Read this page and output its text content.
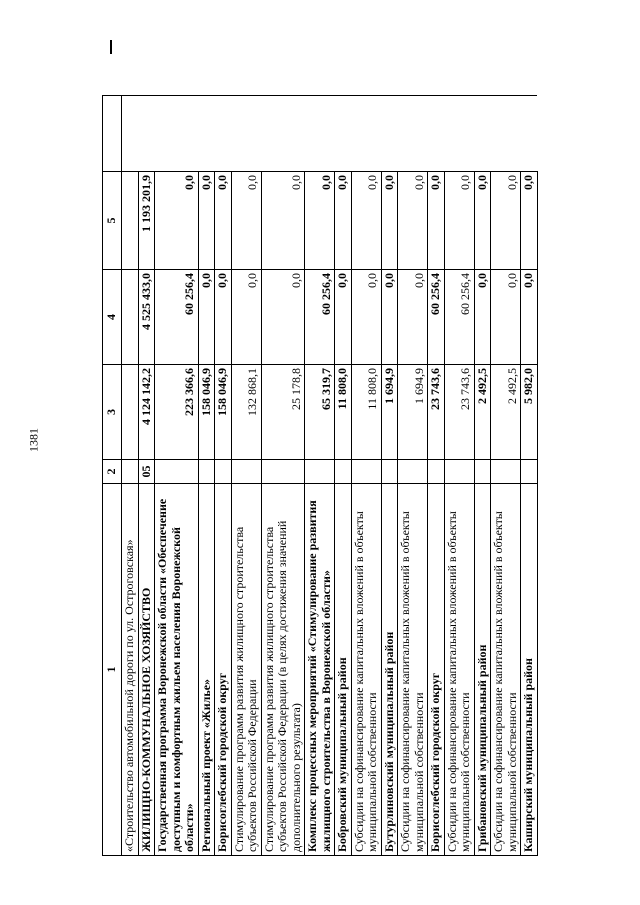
1381
1	2	3	4	5	
«Строительство автомобильной дороги по ул. Остроговская»					
ЖИЛИЩНО-КОММУНАЛЬНОЕ ХОЗЯЙСТВО	05	4 124 142,2	4 525 433,0	1 193 201,9	
Государственная программа Воронежской области «Обеспечение доступным и комфортным жильем населения Воронежской области»		223 366,6	60 256,4	0,0	
Региональный проект «Жилье»		158 046,9	0,0	0,0	
Борисоглебский городской округ		158 046,9	0,0	0,0	
Стимулирование программ развития жилищного строительства субъектов Российской Федерации		132 868,1	0,0	0,0	
Стимулирование программ развития жилищного строительства субъектов Российской Федерации (в целях достижения значений дополнительного результата)		25 178,8	0,0	0,0	
Комплекс процессных мероприятий «Стимулирование развития жилищного строительства в Воронежской области»		65 319,7	60 256,4	0,0	
Бобровский муниципальный район		11 808,0	0,0	0,0	
Субсидии на софинансирование капитальных вложений в объекты муниципальной собственности		11 808,0	0,0	0,0	
Бутурлиновский муниципальный район		1 694,9	0,0	0,0	
Субсидии на софинансирование капитальных вложений в объекты муниципальной собственности		1 694,9	0,0	0,0	
Борисоглебский городской округ		23 743,6	60 256,4	0,0	
Субсидии на софинансирование капитальных вложений в объекты муниципальной собственности		23 743,6	60 256,4	0,0	
Грибановский муниципальный район		2 492,5	0,0	0,0	
Субсидии на софинансирование капитальных вложений в объекты муниципальной собственности		2 492,5	0,0	0,0	
Каширский муниципальный район		5 982,0	0,0	0,0	
